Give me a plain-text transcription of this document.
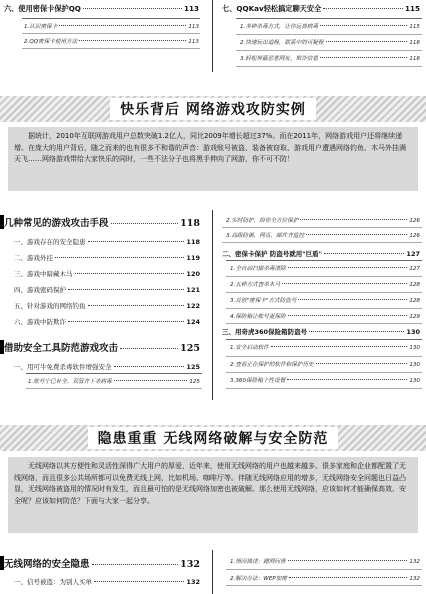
六、使用密保卡保护QQ	113
1.认识密保卡	113
2.QQ密保卡使用方法	113
七、QQKav轻松搞定聊天安全	115
1.多种杀毒方式，让你远离病毒	115
2.快速玩出追程，联系中的可疑程	116
3.轻松屏蔽恶意网址，欺诈信息	116
快乐背后 网络游戏攻防实例
据统计，2010年互联网游戏用户总数突破1.2亿人，同比2009年增长超过37%。而在2011年，网络游戏用户还将继续递增。在庞大的用户背后，随之而来的也有很多不和谐的声音：游戏账号被盗、装备被窃取、游戏用户遭遇网络钓鱼、木马外挂满天飞……网络游戏带给大家快乐的同时，一些不法分子也将黑手伸向了网游，你不可不防！
几种常见的游戏攻击手段	118
一、游戏存在的安全隐患	118
二、游戏外挂	119
三、游戏中暗藏木马	120
四、游戏密码保护	121
五、针对游戏的网络钓鱼	122
六、游戏中防欺诈	124
借助安全工具防范游戏攻击	125
一、用可牛免费杀毒软件增强安全	125
1.账号宁已补全、双管齐下杀病毒	125
2.实时防护，给你全方位保护	126
3.高级防御，网页、邮件齐监控	126
二、密保卡保护 防盗号就用"巨盾"	127
1.全自动扫描杀毒清除	127
2.五种方式查杀木马	128
3.首创"密保卡"方式防盗号	128
4.保险箱让帐号更保险	129
三、用奇虎360保险箱防盗号	130
1.安全启动软件	130
2.查看正在保护的软件和保护历史	130
3.360保险箱个性设置	130
隐患重重 无线网络破解与安全防范
无线网络以其方便性和灵活性深得广大用户的厚爱，近年来，使用无线网络的用户也越来越多。很多家庭和企业都配置了无线网络，而且很多公共场所都可以免费无线上网，比如机场、咖啡厅等。伴随无线网络应用的增多，无线网络安全问题也日益凸显，无线网络被盗用的情况时有发生，而且最可怕的是无线网络加密也被破解。那么使用无线网络，应该如何才能确保高效、安全呢？应该如何防范？下面与大家一起分享。
无线网络的安全隐患	132
一、信号被盗：为别人买单	132
1.情况描述：蹭网问责	132
2.解决办法：WEP加密	132
